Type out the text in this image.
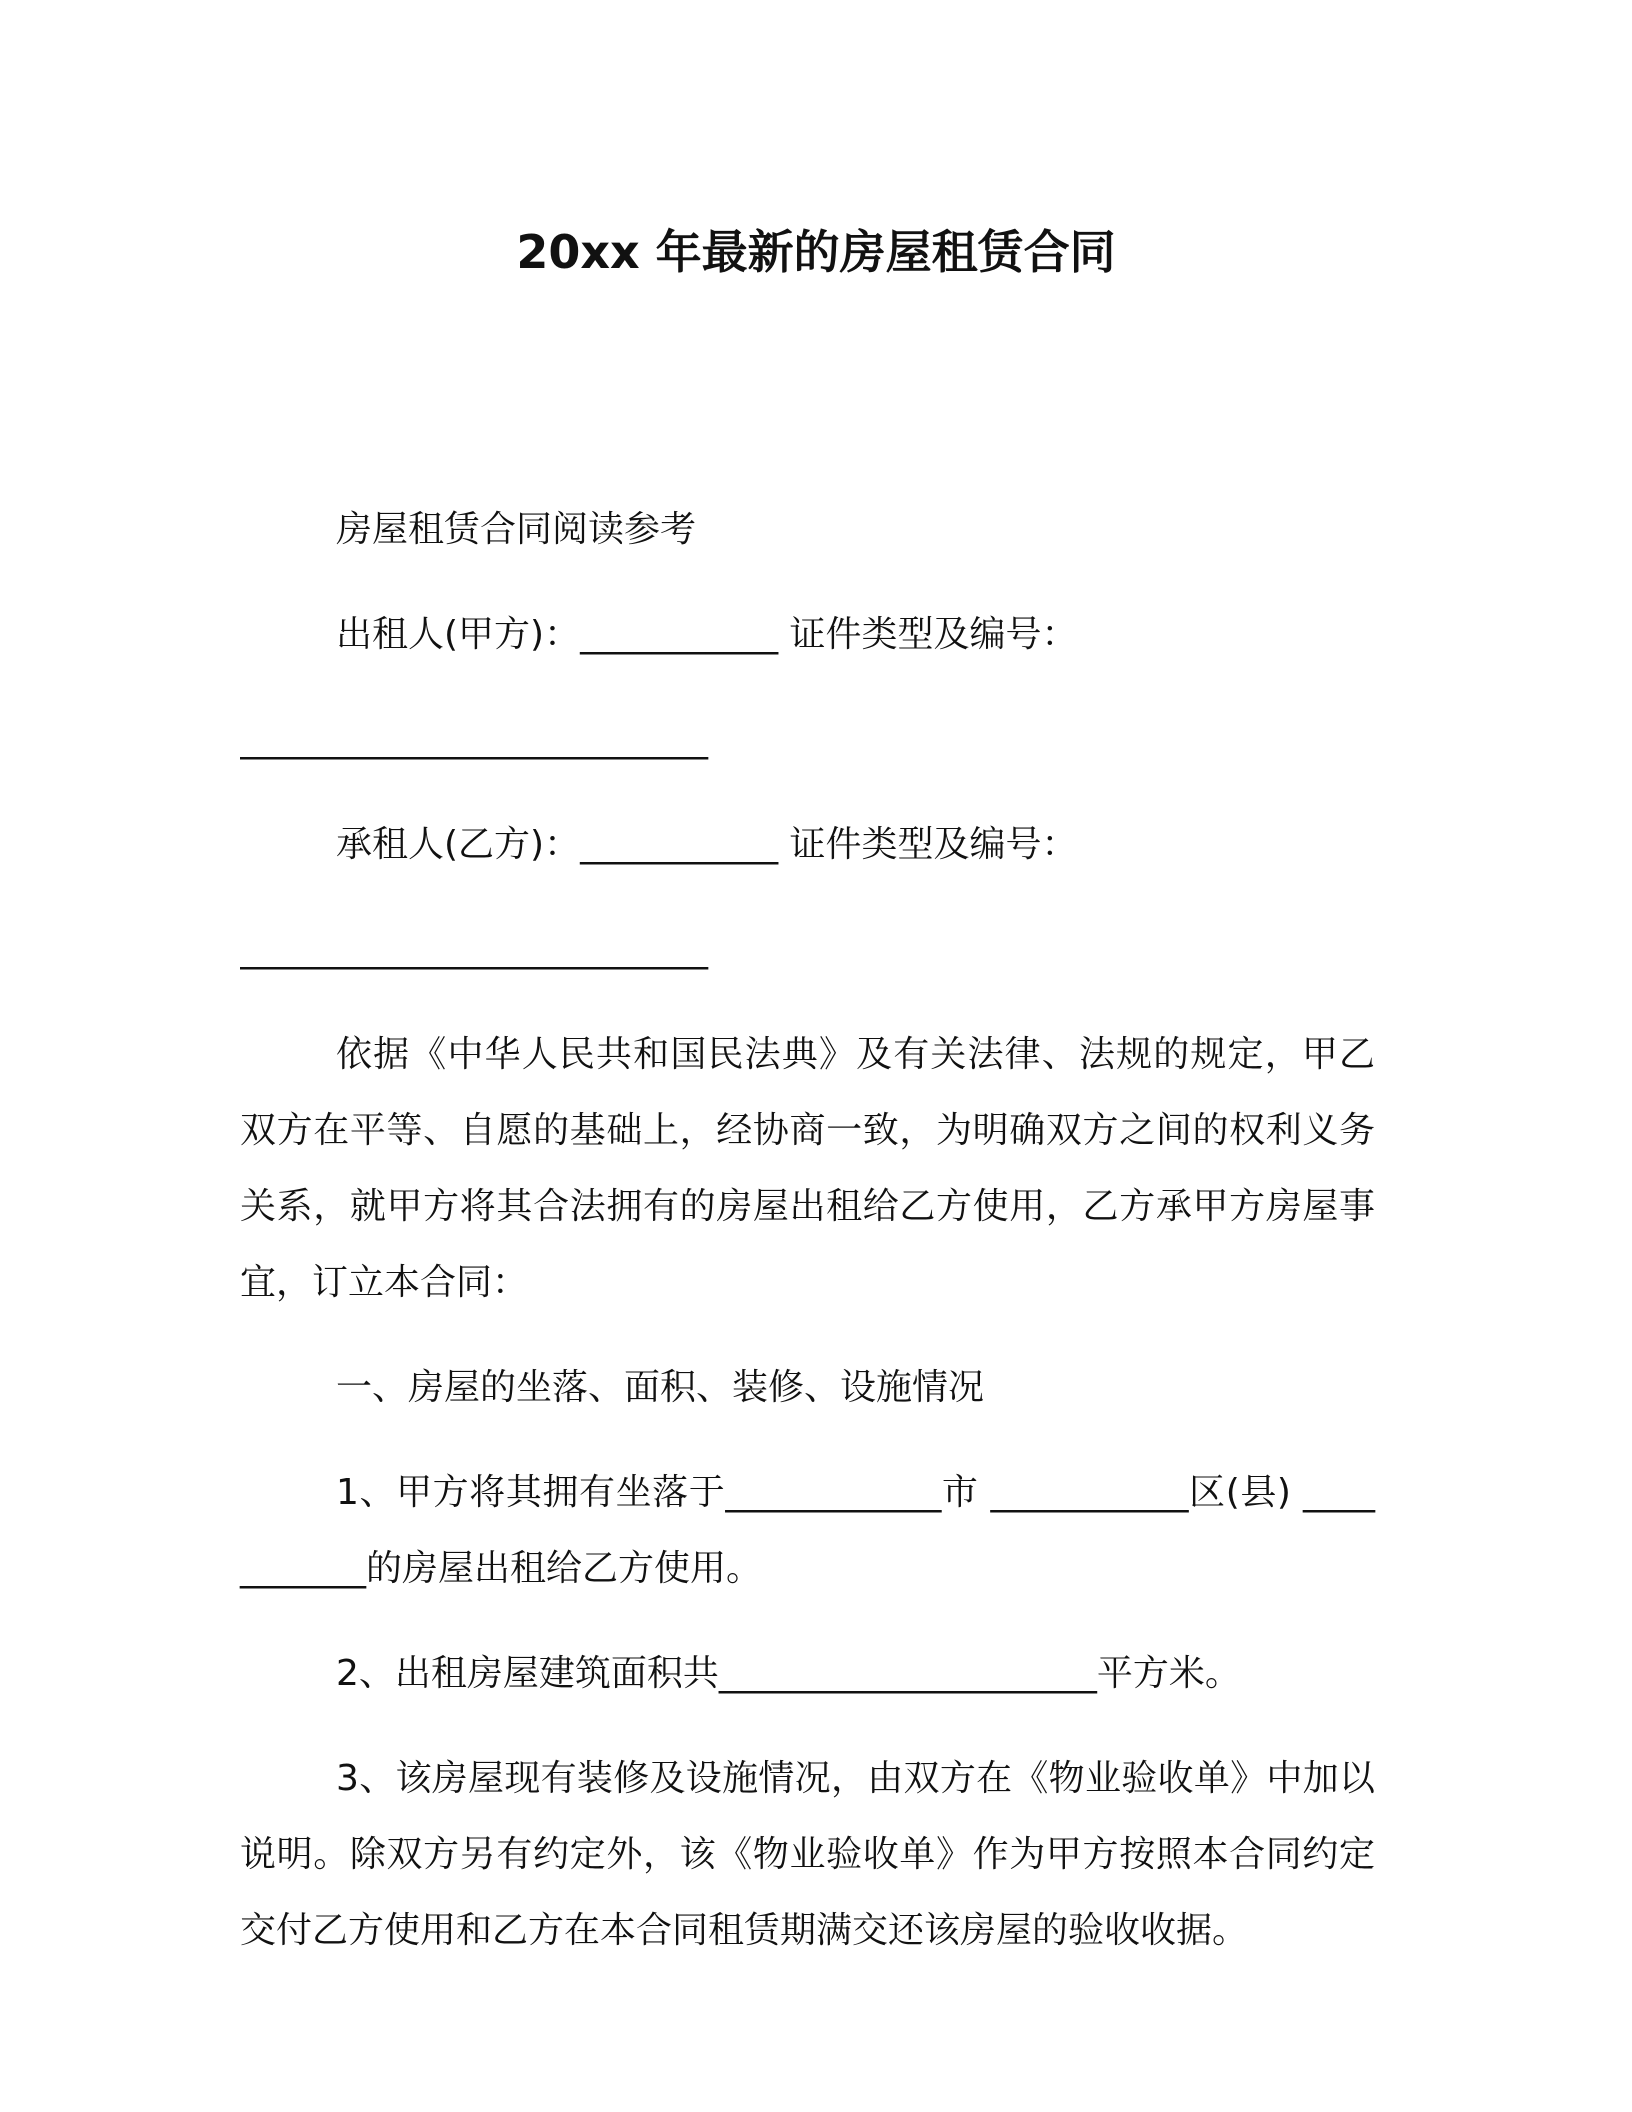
20xx 年最新的房屋租赁合同

房屋租赁合同阅读参考

出租人(甲方)：___________ 证件类型及编号：

__________________________

承租人(乙方)：___________ 证件类型及编号：

__________________________

依据《中华人民共和国民法典》及有关法律、法规的规定，甲乙双方在平等、自愿的基础上，经协商一致，为明确双方之间的权利义务关系，就甲方将其合法拥有的房屋出租给乙方使用，乙方承甲方房屋事宜，订立本合同：

一、房屋的坐落、面积、装修、设施情况

1、甲方将其拥有坐落于____________市 ___________区(县) ___________的房屋出租给乙方使用。

2、出租房屋建筑面积共_____________________平方米。

3、该房屋现有装修及设施情况，由双方在《物业验收单》中加以说明。除双方另有约定外，该《物业验收单》作为甲方按照本合同约定交付乙方使用和乙方在本合同租赁期满交还该房屋的验收收据。
